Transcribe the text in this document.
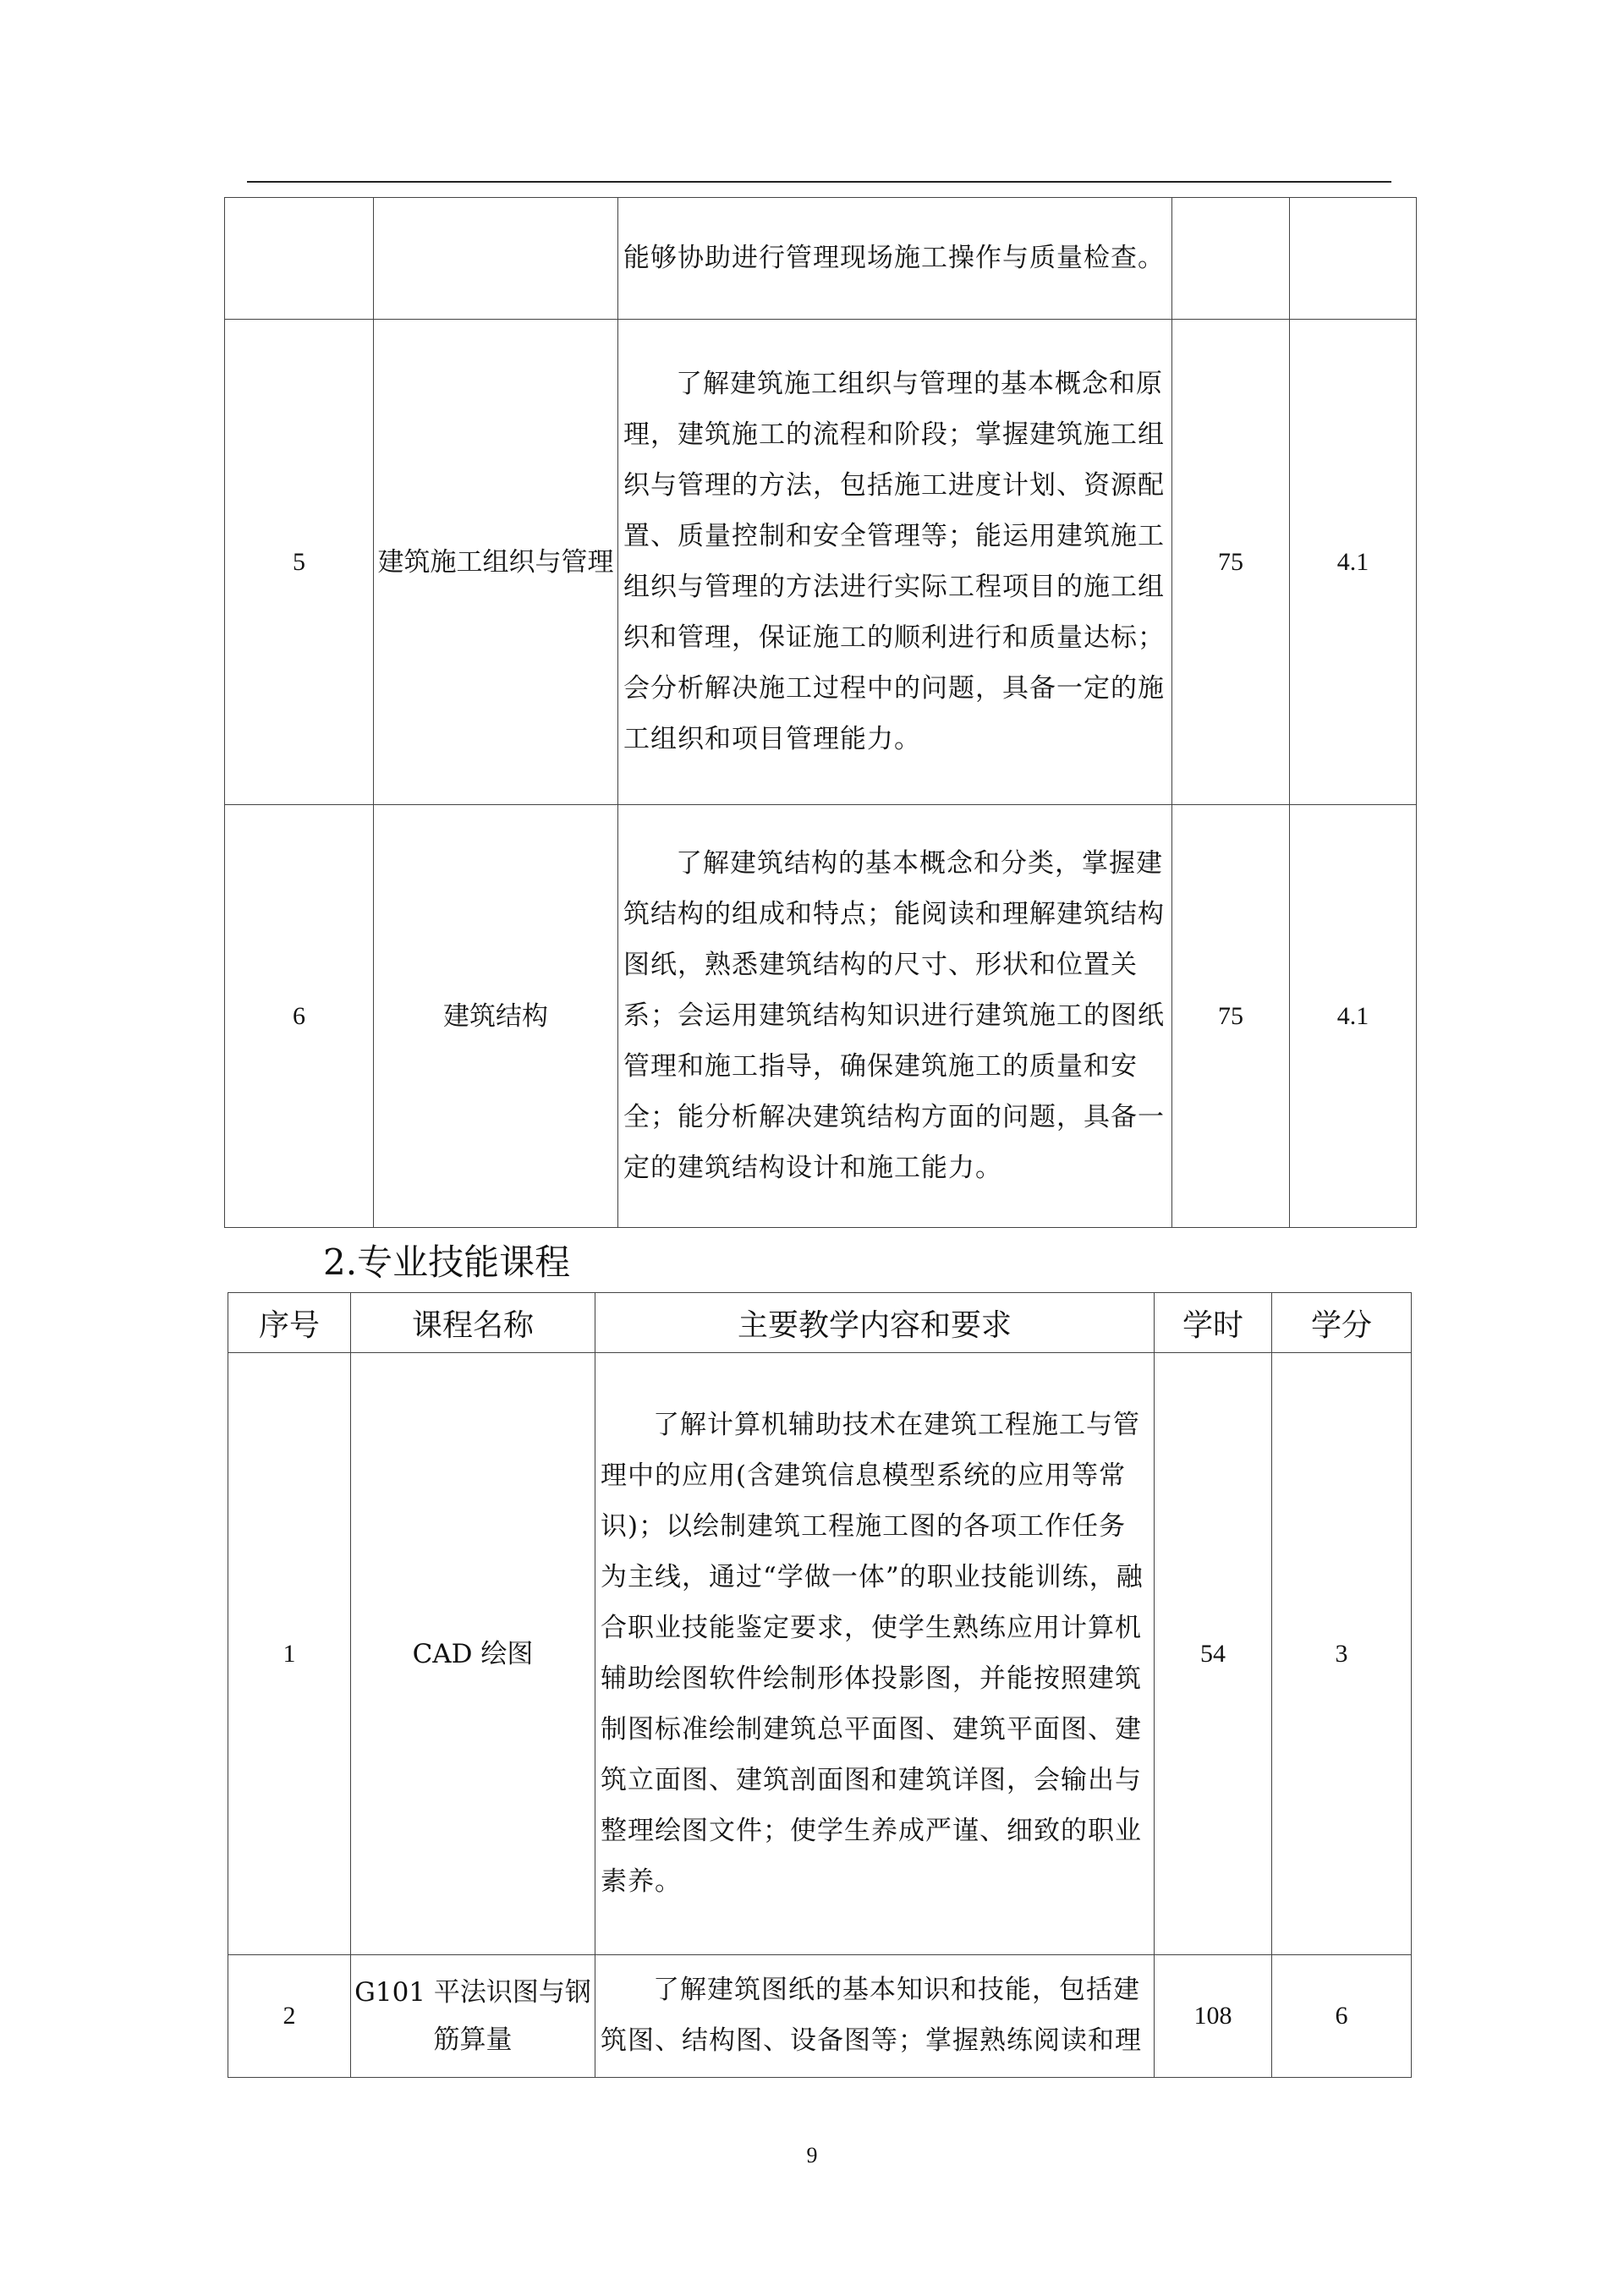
		能够协助进行管理现场施工操作与质量检查。		

5	建筑施工组织与管理	了解建筑施工组织与管理的基本概念和原理，建筑施工的流程和阶段；掌握建筑施工组织与管理的方法，包括施工进度计划、资源配置、质量控制和安全管理等；能运用建筑施工组织与管理的方法进行实际工程项目的施工组织和管理，保证施工的顺利进行和质量达标；会分析解决施工过程中的问题，具备一定的施工组织和项目管理能力。	75	4.1
6	建筑结构	了解建筑结构的基本概念和分类，掌握建筑结构的组成和特点；能阅读和理解建筑结构图纸，熟悉建筑结构的尺寸、形状和位置关系；会运用建筑结构知识进行建筑施工的图纸管理和施工指导，确保建筑施工的质量和安全；能分析解决建筑结构方面的问题，具备一定的建筑结构设计和施工能力。	75	4.1
2.专业技能课程
序号	课程名称	主要教学内容和要求	学时	学分
1	CAD 绘图	了解计算机辅助技术在建筑工程施工与管理中的应用(含建筑信息模型系统的应用等常识)；以绘制建筑工程施工图的各项工作任务为主线，通过“学做一体”的职业技能训练，融合职业技能鉴定要求，使学生熟练应用计算机辅助绘图软件绘制形体投影图，并能按照建筑制图标准绘制建筑总平面图、建筑平面图、建筑立面图、建筑剖面图和建筑详图，会输出与整理绘图文件；使学生养成严谨、细致的职业素养。	54	3
2	G101 平法识图与钢筋算量	了解建筑图纸的基本知识和技能，包括建筑图、结构图、设备图等；掌握熟练阅读和理	108	6
9
